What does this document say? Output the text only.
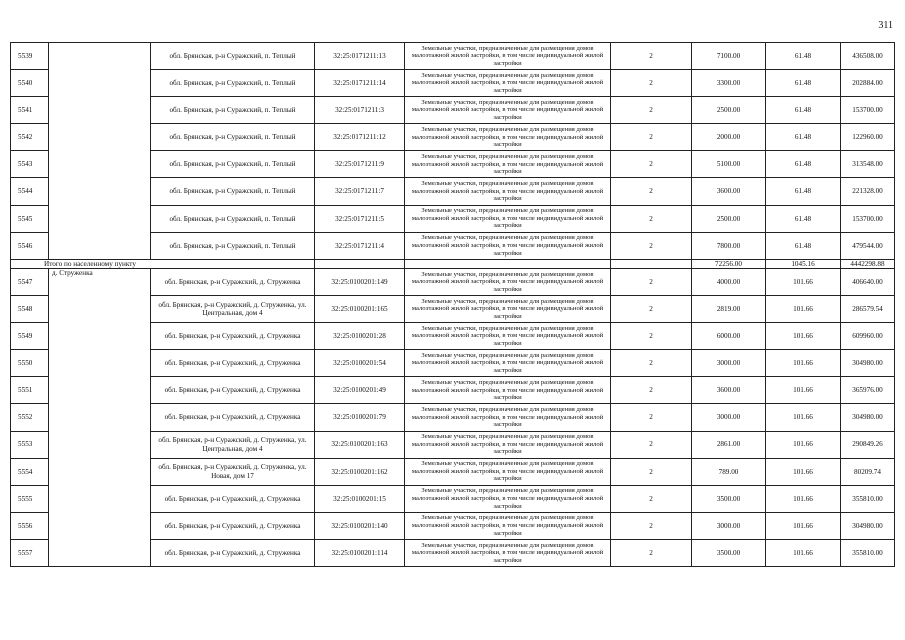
311
5539		обл. Брянская, р-н Суражский, п. Теплый	32:25:0171211:13	Земельные участки, предназначенные для размещения домов малоэтажной жилой застройки, в том числе индивидуальной жилой застройки	2	7100.00	61.48	436508.00
5540		обл. Брянская, р-н Суражский, п. Теплый	32:25:0171211:14	Земельные участки, предназначенные для размещения домов малоэтажной жилой застройки, в том числе индивидуальной жилой застройки	2	3300.00	61.48	202884.00
5541		обл. Брянская, р-н Суражский, п. Теплый	32:25:0171211:3	Земельные участки, предназначенные для размещения домов малоэтажной жилой застройки, в том числе индивидуальной жилой застройки	2	2500.00	61.48	153700.00
5542		обл. Брянская, р-н Суражский, п. Теплый	32:25:0171211:12	Земельные участки, предназначенные для размещения домов малоэтажной жилой застройки, в том числе индивидуальной жилой застройки	2	2000.00	61.48	122960.00
5543		обл. Брянская, р-н Суражский, п. Теплый	32:25:0171211:9	Земельные участки, предназначенные для размещения домов малоэтажной жилой застройки, в том числе индивидуальной жилой застройки	2	5100.00	61.48	313548.00
5544		обл. Брянская, р-н Суражский, п. Теплый	32:25:0171211:7	Земельные участки, предназначенные для размещения домов малоэтажной жилой застройки, в том числе индивидуальной жилой застройки	2	3600.00	61.48	221328.00
5545		обл. Брянская, р-н Суражский, п. Теплый	32:25:0171211:5	Земельные участки, предназначенные для размещения домов малоэтажной жилой застройки, в том числе индивидуальной жилой застройки	2	2500.00	61.48	153700.00
5546		обл. Брянская, р-н Суражский, п. Теплый	32:25:0171211:4	Земельные участки, предназначенные для размещения домов малоэтажной жилой застройки, в том числе индивидуальной жилой застройки	2	7800.00	61.48	479544.00
Итого по населенному пункту						72256.00	1045.16	4442298.88
5547	д. Струженка	обл. Брянская, р-н Суражский, д. Струженка	32:25:0100201:149	Земельные участки, предназначенные для размещения домов малоэтажной жилой застройки, в том числе индивидуальной жилой застройки	2	4000.00	101.66	406640.00
5548		обл. Брянская, р-н Суражский, д. Струженка, ул. Центральная, дом 4	32:25:0100201:165	Земельные участки, предназначенные для размещения домов малоэтажной жилой застройки, в том числе индивидуальной жилой застройки	2	2819.00	101.66	286579.54
5549		обл. Брянская, р-н Суражский, д. Струженка	32:25:0100201:28	Земельные участки, предназначенные для размещения домов малоэтажной жилой застройки, в том числе индивидуальной жилой застройки	2	6000.00	101.66	609960.00
5550		обл. Брянская, р-н Суражский, д. Струженка	32:25:0100201:54	Земельные участки, предназначенные для размещения домов малоэтажной жилой застройки, в том числе индивидуальной жилой застройки	2	3000.00	101.66	304980.00
5551		обл. Брянская, р-н Суражский, д. Струженка	32:25:0100201:49	Земельные участки, предназначенные для размещения домов малоэтажной жилой застройки, в том числе индивидуальной жилой застройки	2	3600.00	101.66	365976.00
5552		обл. Брянская, р-н Суражский, д. Струженка	32:25:0100201:79	Земельные участки, предназначенные для размещения домов малоэтажной жилой застройки, в том числе индивидуальной жилой застройки	2	3000.00	101.66	304980.00
5553		обл. Брянская, р-н Суражский, д. Струженка, ул. Центральная, дом 4	32:25:0100201:163	Земельные участки, предназначенные для размещения домов малоэтажной жилой застройки, в том числе индивидуальной жилой застройки	2	2861.00	101.66	290849.26
5554		обл. Брянская, р-н Суражский, д. Струженка, ул. Новая, дом 17	32:25:0100201:162	Земельные участки, предназначенные для размещения домов малоэтажной жилой застройки, в том числе индивидуальной жилой застройки	2	789.00	101.66	80209.74
5555		обл. Брянская, р-н Суражский, д. Струженка	32:25:0100201:15	Земельные участки, предназначенные для размещения домов малоэтажной жилой застройки, в том числе индивидуальной жилой застройки	2	3500.00	101.66	355810.00
5556		обл. Брянская, р-н Суражский, д. Струженка	32:25:0100201:140	Земельные участки, предназначенные для размещения домов малоэтажной жилой застройки, в том числе индивидуальной жилой застройки	2	3000.00	101.66	304980.00
5557		обл. Брянская, р-н Суражский, д. Струженка	32:25:0100201:114	Земельные участки, предназначенные для размещения домов малоэтажной жилой застройки, в том числе индивидуальной жилой застройки	2	3500.00	101.66	355810.00
